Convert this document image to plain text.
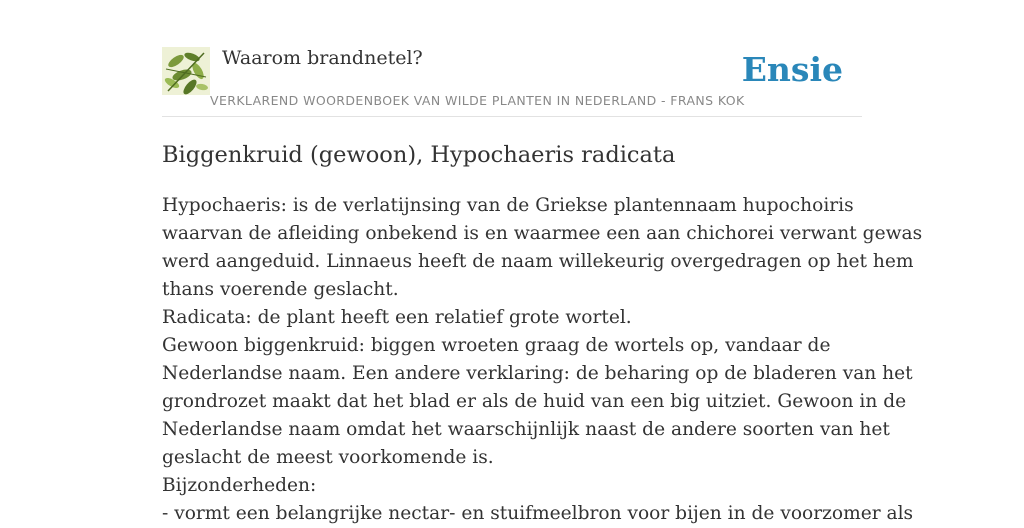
Waarom brandnetel?
VERKLAREND WOORDENBOEK VAN WILDE PLANTEN IN NEDERLAND - FRANS KOK
Ensie
Biggenkruid (gewoon), Hypochaeris radicata
Hypochaeris: is de verlatijnsing van de Griekse plantennaam hupochoiris
waarvan de afleiding onbekend is en waarmee een aan chichorei verwant gewas
werd aangeduid. Linnaeus heeft de naam willekeurig overgedragen op het hem
thans voerende geslacht.
Radicata: de plant heeft een relatief grote wortel.
Gewoon biggenkruid: biggen wroeten graag de wortels op, vandaar de
Nederlandse naam. Een andere verklaring: de beharing op de bladeren van het
grondrozet maakt dat het blad er als de huid van een big uitziet. Gewoon in de
Nederlandse naam omdat het waarschijnlijk naast de andere soorten van het
geslacht de meest voorkomende is.
Bijzonderheden:
- vormt een belangrijke nectar- en stuifmeelbron voor bijen in de voorzomer als
